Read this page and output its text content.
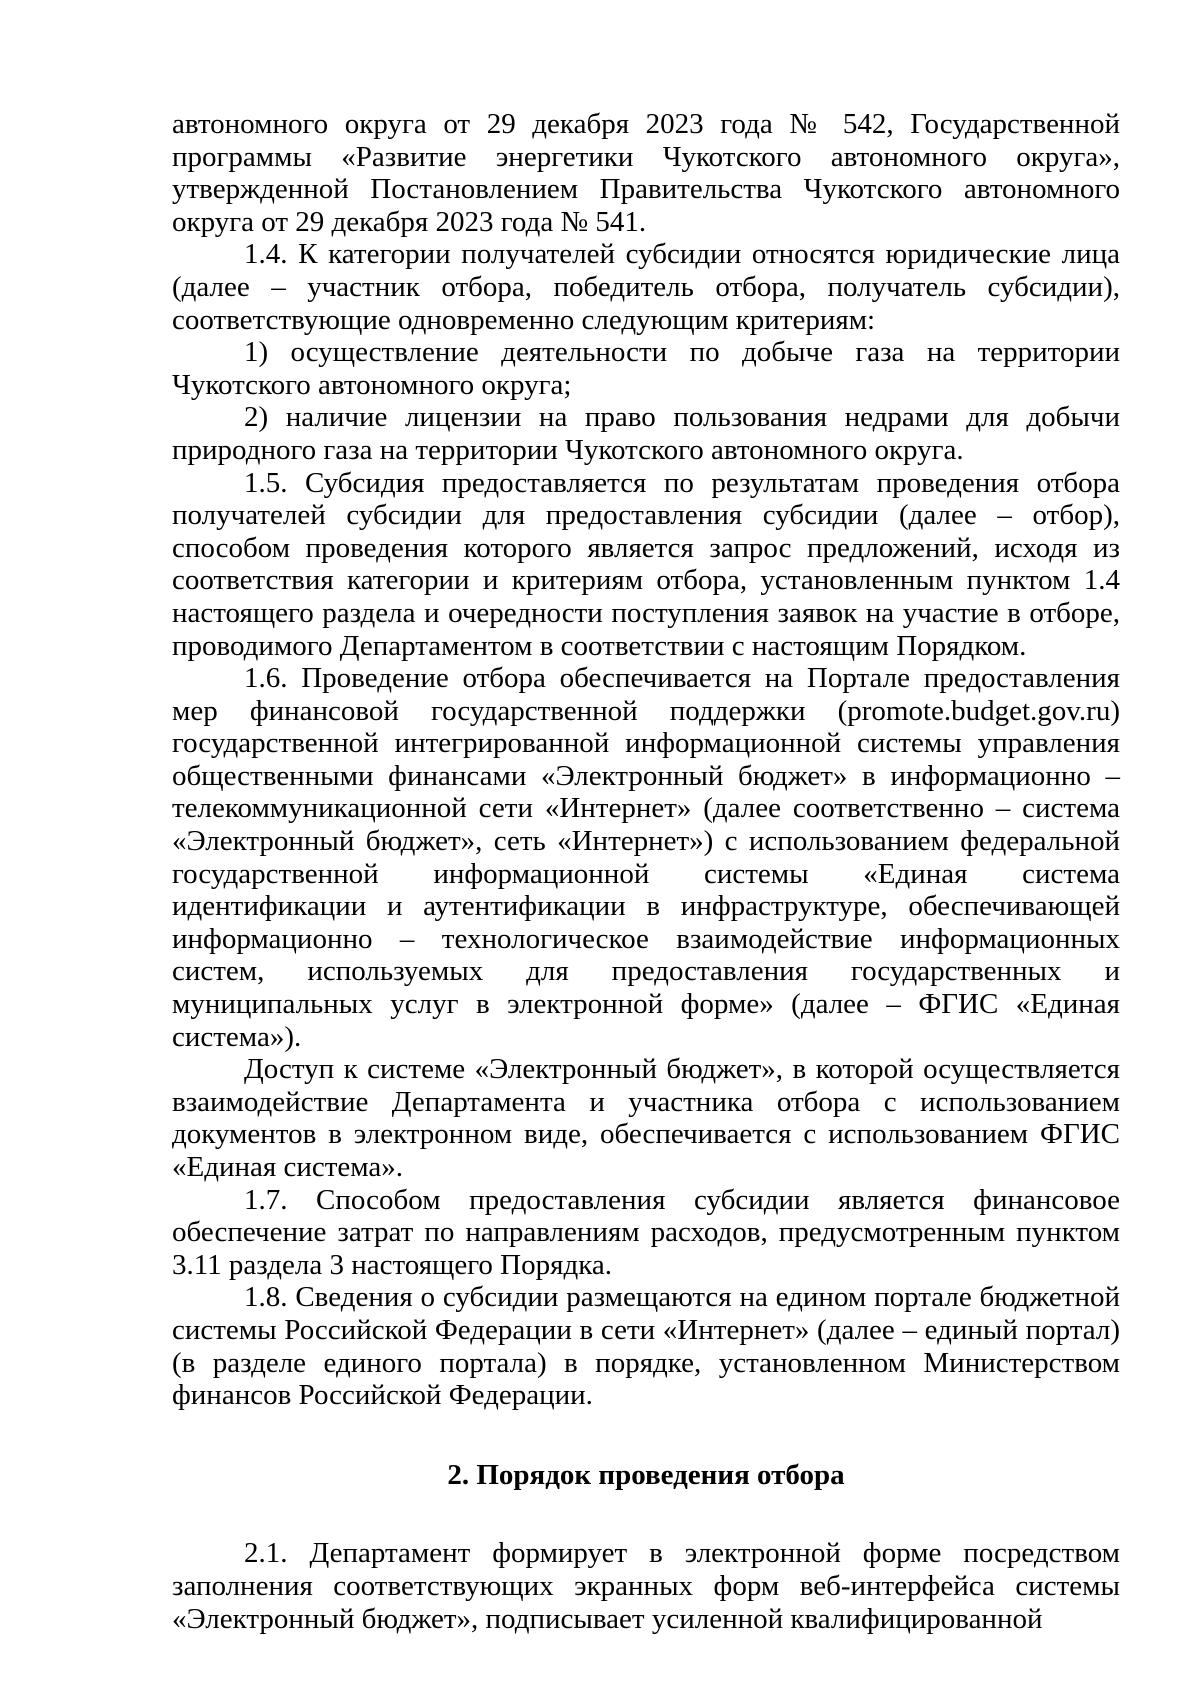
автономного округа от 29 декабря 2023 года № 542, Государственной программы «Развитие энергетики Чукотского автономного округа», утвержденной Постановлением Правительства Чукотского автономного округа от 29 декабря 2023 года № 541.

1.4. К категории получателей субсидии относятся юридические лица (далее – участник отбора, победитель отбора, получатель субсидии), соответствующие одновременно следующим критериям:

1) осуществление деятельности по добыче газа на территории Чукотского автономного округа;

2) наличие лицензии на право пользования недрами для добычи природного газа на территории Чукотского автономного округа.

1.5. Субсидия предоставляется по результатам проведения отбора получателей субсидии для предоставления субсидии (далее – отбор), способом проведения которого является запрос предложений, исходя из соответствия категории и критериям отбора, установленным пунктом 1.4 настоящего раздела и очередности поступления заявок на участие в отборе, проводимого Департаментом в соответствии с настоящим Порядком.

1.6. Проведение отбора обеспечивается на Портале предоставления мер финансовой государственной поддержки (promote.budget.gov.ru) государственной интегрированной информационной системы управления общественными финансами «Электронный бюджет» в информационно – телекоммуникационной сети «Интернет» (далее соответственно – система «Электронный бюджет», сеть «Интернет») с использованием федеральной государственной информационной системы «Единая система идентификации и аутентификации в инфраструктуре, обеспечивающей информационно – технологическое взаимодействие информационных систем, используемых для предоставления государственных и муниципальных услуг в электронной форме» (далее – ФГИС «Единая система»).

Доступ к системе «Электронный бюджет», в которой осуществляется взаимодействие Департамента и участника отбора с использованием документов в электронном виде, обеспечивается с использованием ФГИС «Единая система».

1.7. Способом предоставления субсидии является финансовое обеспечение затрат по направлениям расходов, предусмотренным пунктом 3.11 раздела 3 настоящего Порядка.

1.8. Сведения о субсидии размещаются на едином портале бюджетной системы Российской Федерации в сети «Интернет» (далее – единый портал) (в разделе единого портала) в порядке, установленном Министерством финансов Российской Федерации.

2. Порядок проведения отбора

2.1. Департамент формирует в электронной форме посредством заполнения соответствующих экранных форм веб-интерфейса системы «Электронный бюджет», подписывает усиленной квалифицированной
